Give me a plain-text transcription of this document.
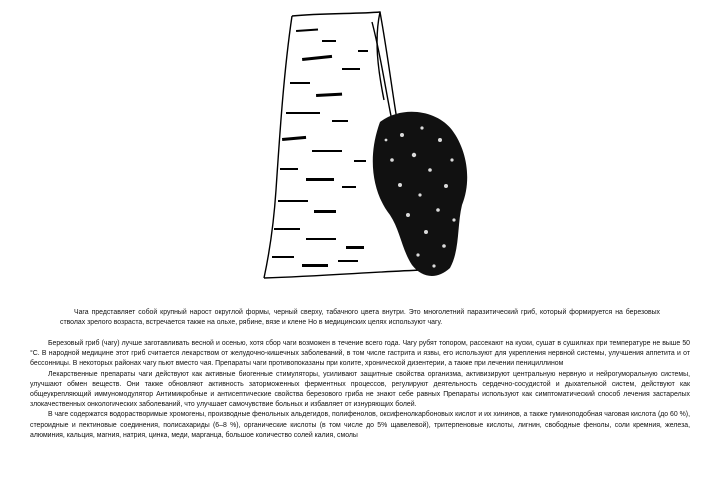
Чага представляет собой крупный нарост округлой формы, черный сверху, табачного цвета внутри. Это многолетний паразитический гриб, который формируется на березовых стволах зрелого возраста, встречается также на ольхе, рябине, вязе и клене Но в медицинских целях используют чагу.

Березовый гриб (чагу) лучше заготавливать весной и осенью, хотя сбор чаги возможен в течение всего года. Чагу рубят топором, рассекают на куски, сушат в сушилках при температуре не выше 50 °С. В народной медицине этот гриб считается лекарством от желудочно-кишечных заболеваний, в том числе гастрита и язвы, его используют для укрепления нервной системы, улучшения аппетита и от бессонницы. В некоторых районах чагу пьют вместо чая. Препараты чаги противопоказаны при колите, хронической дизентерии, а также при лечении пенициллином

Лекарственные препараты чаги действуют как активные биогенные стимуляторы, усиливают защитные свойства организма, активизируют центральную нервную и нейрогуморальную системы, улучшают обмен веществ. Они также обновляют активность заторможенных ферментных процессов, регулируют деятельность сердечно-сосудистой и дыхательной систем, действуют как общеукрепляющий иммуномодулятор Антимикробные и антисептические свойства березового гриба не знают себе равных Препараты используют как симптоматический способ лечения застарелых злокачественных онкологических заболеваний, что улучшает самочувствие больных и избавляет от изнуряющих болей.

В чаге содержатся водорастворимые хромогены, производные фенольных альдегидов, полифенолов, оксифенолкарбоновых кислот и их хининов, а также гуминоподобная чаговая кислота (до 60 %), стероидные и пектиновые соединения, полисахариды (6–8 %), органические кислоты (в том числе до 5% щавелевой), тритерпеновые кислоты, лигнин, свободные фенолы, соли кремния, железа, алюминия, кальция, магния, натрия, цинка, меди, марганца, большое количество солей калия, смолы
